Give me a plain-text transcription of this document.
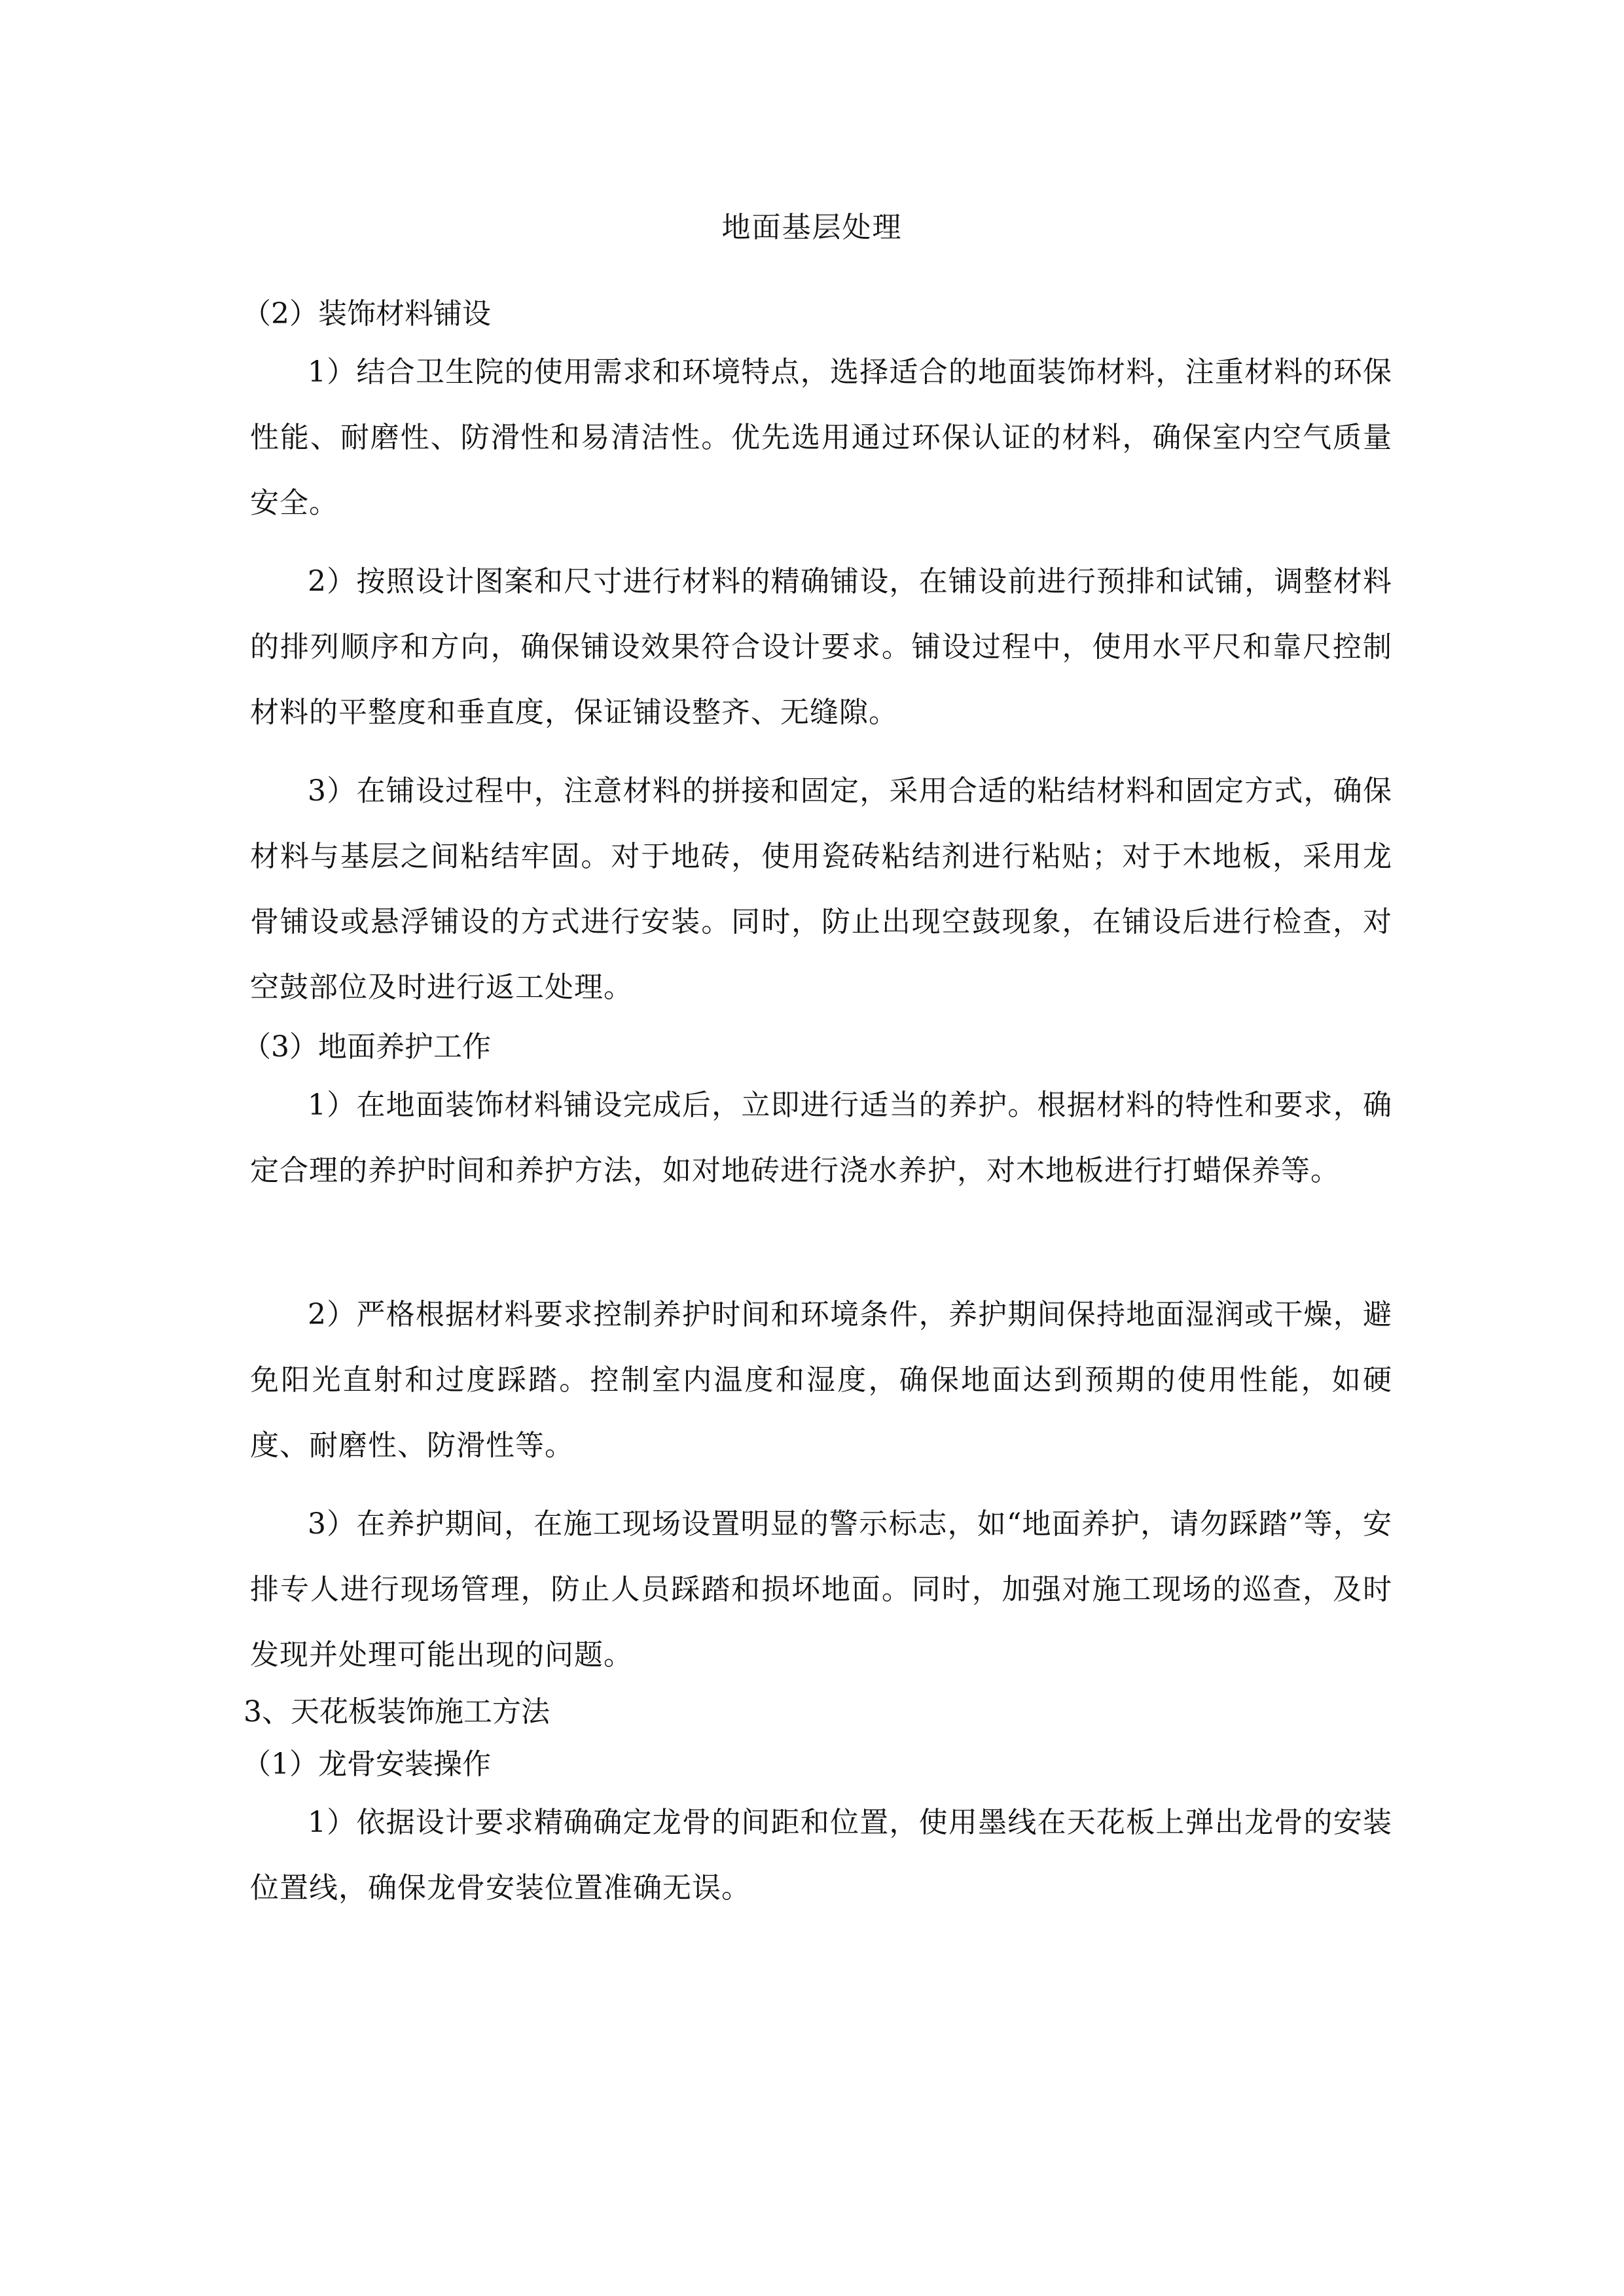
地面基层处理
（2）装饰材料铺设

1）结合卫生院的使用需求和环境特点，选择适合的地面装饰材料，注重材料的环保性能、耐磨性、防滑性和易清洁性。优先选用通过环保认证的材料，确保室内空气质量安全。

2）按照设计图案和尺寸进行材料的精确铺设，在铺设前进行预排和试铺，调整材料的排列顺序和方向，确保铺设效果符合设计要求。铺设过程中，使用水平尺和靠尺控制材料的平整度和垂直度，保证铺设整齐、无缝隙。

3）在铺设过程中，注意材料的拼接和固定，采用合适的粘结材料和固定方式，确保材料与基层之间粘结牢固。对于地砖，使用瓷砖粘结剂进行粘贴；对于木地板，采用龙骨铺设或悬浮铺设的方式进行安装。同时，防止出现空鼓现象，在铺设后进行检查，对空鼓部位及时进行返工处理。

（3）地面养护工作

1）在地面装饰材料铺设完成后，立即进行适当的养护。根据材料的特性和要求，确定合理的养护时间和养护方法，如对地砖进行浇水养护，对木地板进行打蜡保养等。

2）严格根据材料要求控制养护时间和环境条件，养护期间保持地面湿润或干燥，避免阳光直射和过度踩踏。控制室内温度和湿度，确保地面达到预期的使用性能，如硬度、耐磨性、防滑性等。

3）在养护期间，在施工现场设置明显的警示标志，如“地面养护，请勿踩踏”等，安排专人进行现场管理，防止人员踩踏和损坏地面。同时，加强对施工现场的巡查，及时发现并处理可能出现的问题。

3、天花板装饰施工方法
（1）龙骨安装操作

1）依据设计要求精确确定龙骨的间距和位置，使用墨线在天花板上弹出龙骨的安装位置线，确保龙骨安装位置准确无误。
